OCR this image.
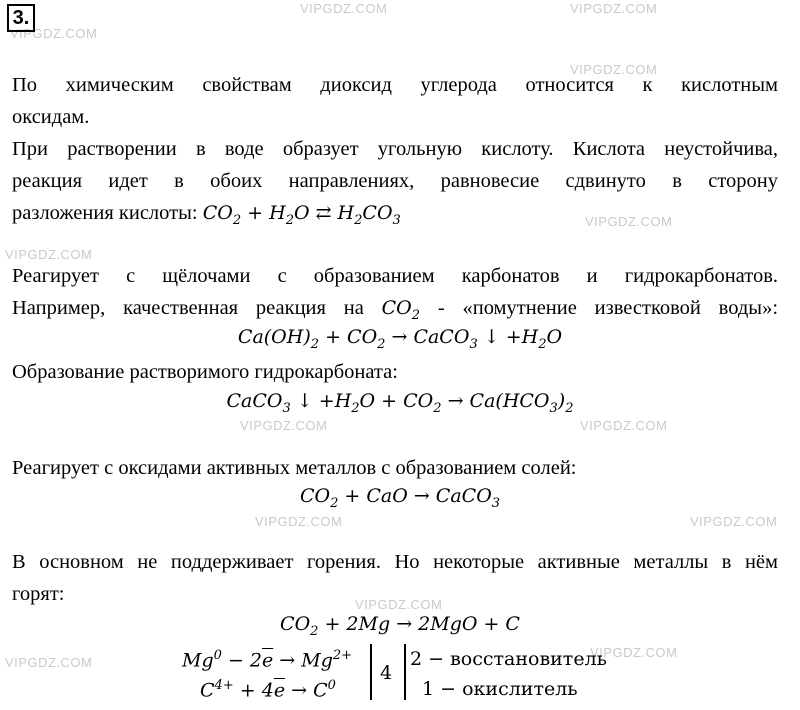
VIPGDZ.COM	VIPGDZ.COM
VIPGDZ.COM
VIPGDZ.COM
VIPGDZ.COM
VIPGDZ.COM
VIPGDZ.COM	VIPGDZ.COM
VIPGDZ.COM	VIPGDZ.COM
VIPGDZ.COM
VIPGDZ.COM
VIPGDZ.COM
3.
По химическим свойствам диоксид углерода относится к кислотным
оксидам.
При растворении в воде образует угольную кислоту. Кислота неустойчива,
реакция идет в обоих направлениях, равновесие сдвинуто в сторону
разложения кислоты: $CO_2 + H_2O$ ⇄ $H_2CO_3$
Реагирует с щёлочами с образованием карбонатов и гидрокарбонатов.
Например, качественная реакция на $CO_2$ - «помутнение известковой воды»:
$Ca(OH)_2 + CO_2$ → CaCO$_3$ ↓ $+H_2O$
Образование растворимого гидрокарбоната:
CaCO$_3$ ↓ $+H_2O + CO_2 \to Ca(HCO_3)_2$
Реагирует с оксидами активных металлов с образованием солей:
$CO_2$ + CaO → CaCO$_3$
В основном не поддерживает горения. Но некоторые активные металлы в нём
горят:
$CO_2 + 2Mg \to 2MgO + C$
$Mg^0 - 2\overline{e} \to Mg^{2+}$
$C^{4+} + 4\overline{e} \to C^0$
4
2 − восстановитель
1 − окислитель
